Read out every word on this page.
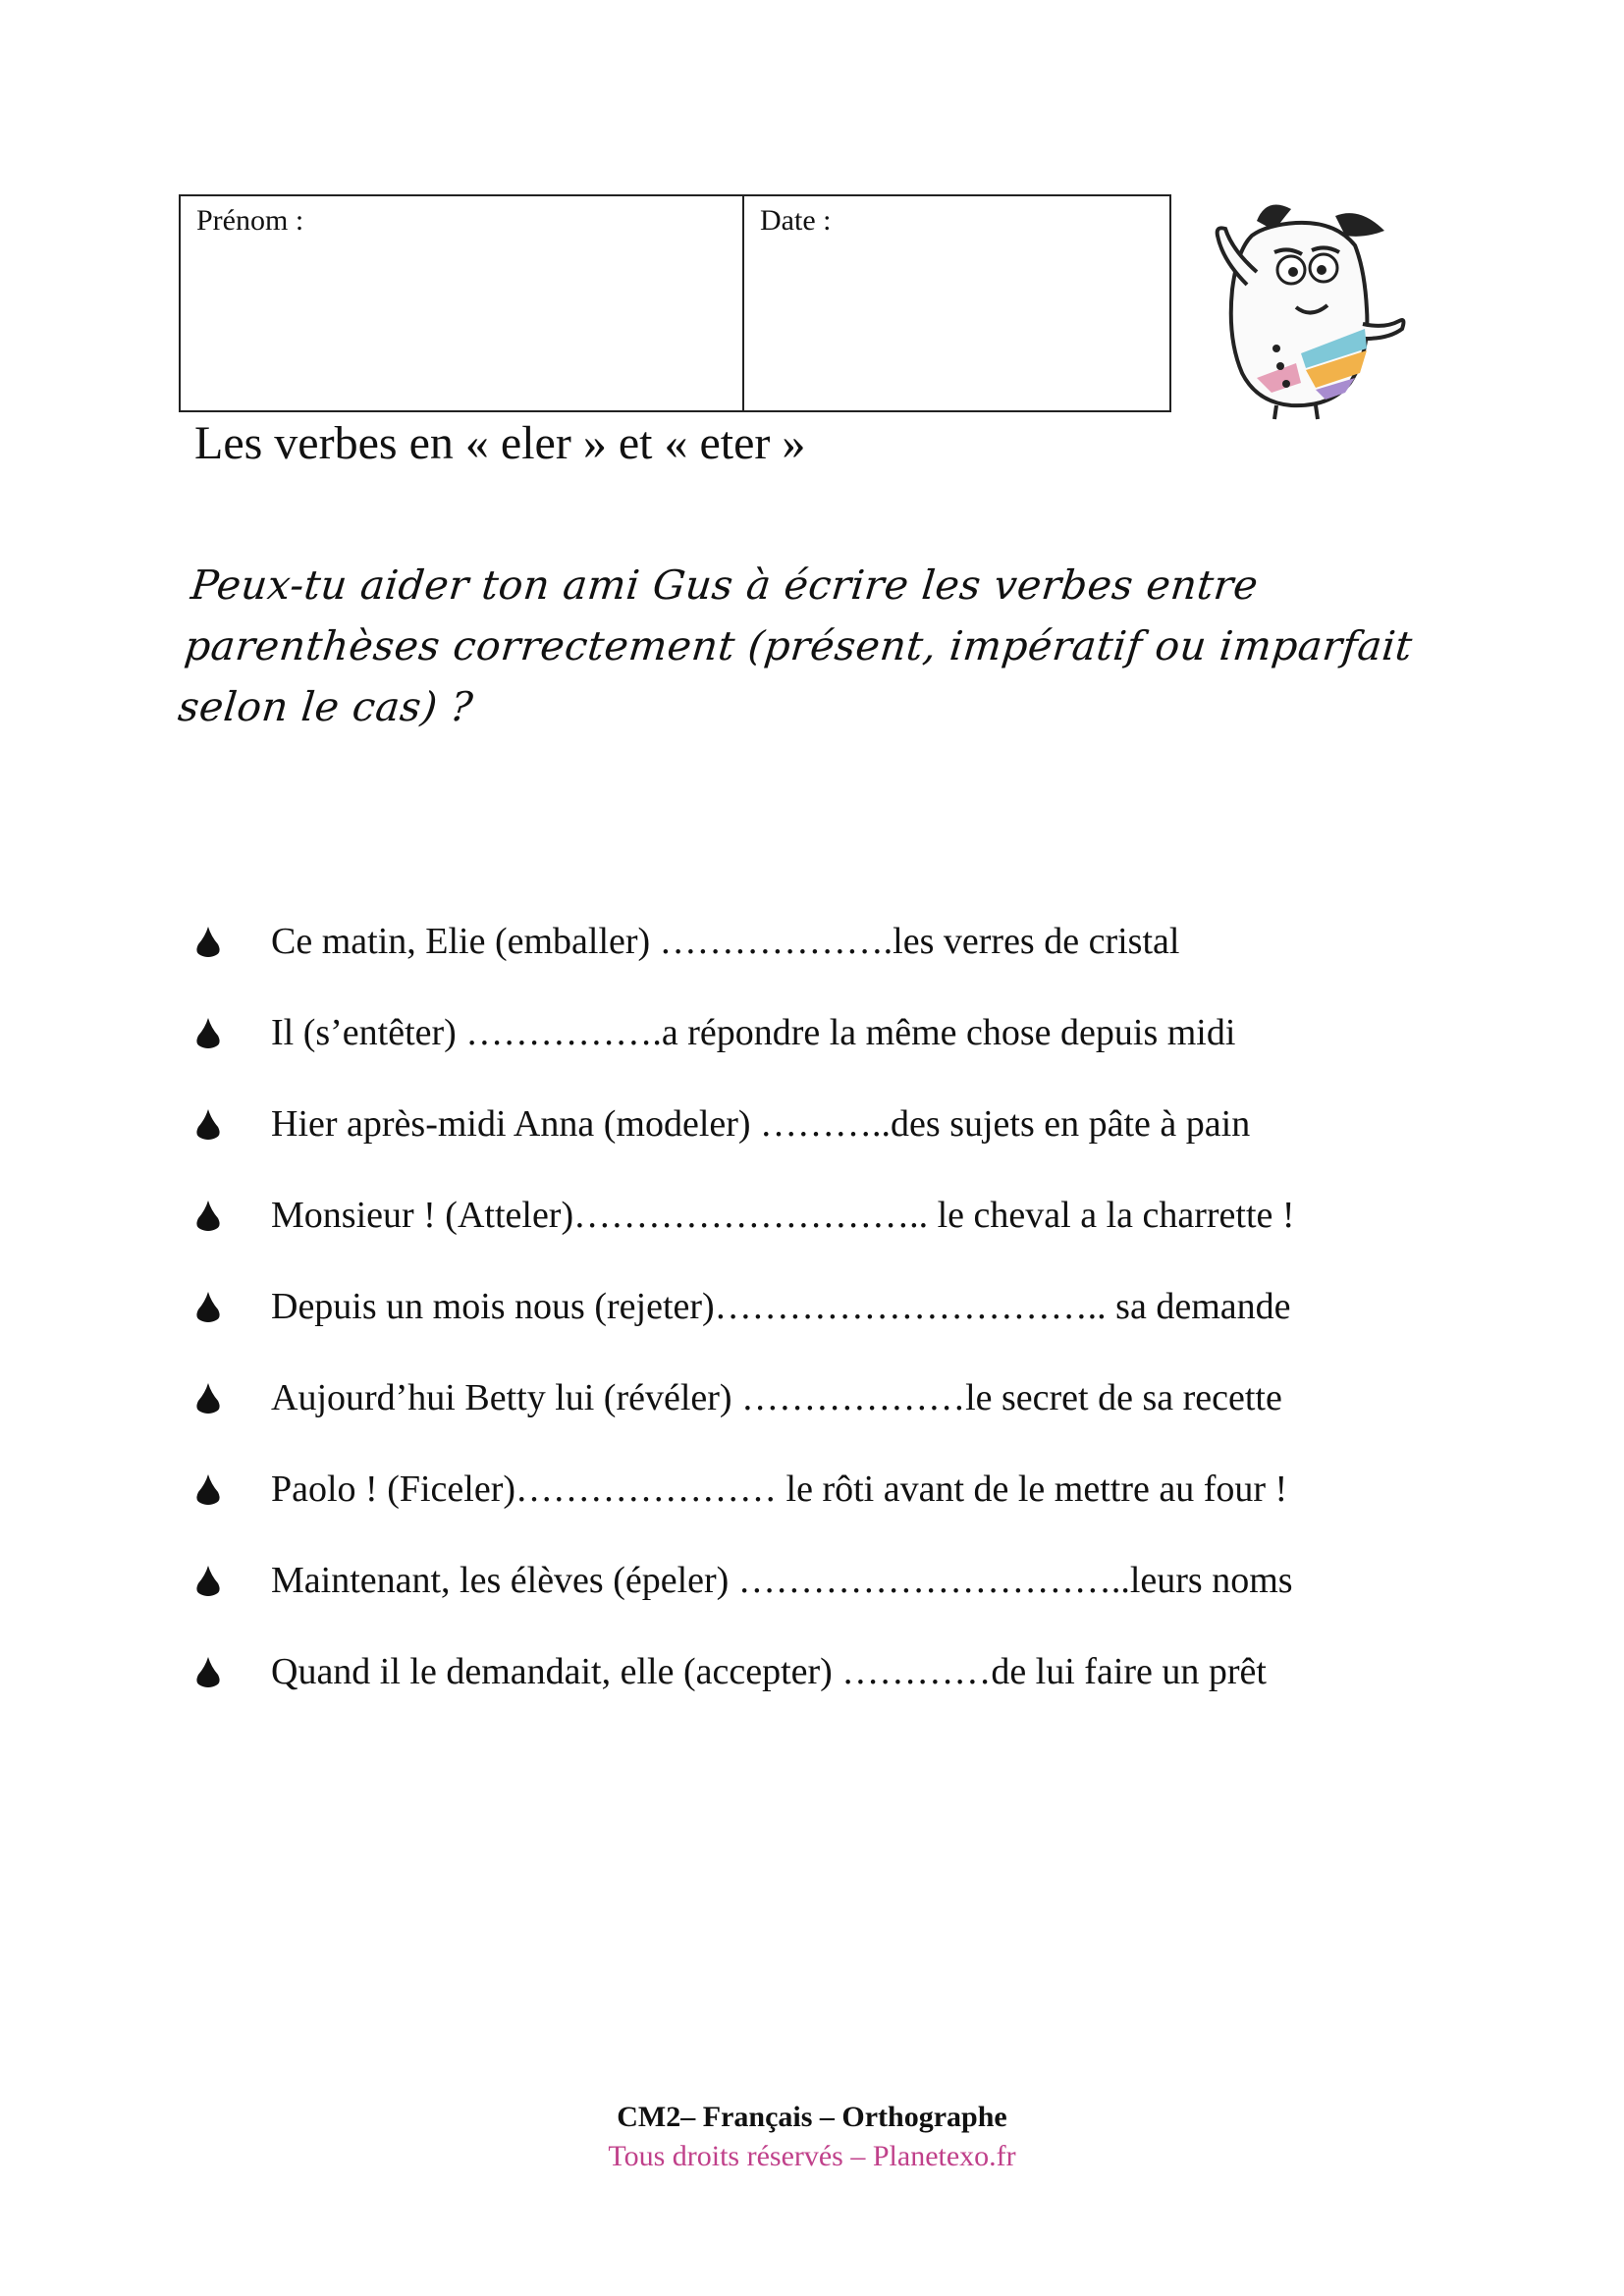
Prénom :	Date :
Les verbes en « eler » et « eter »

Peux-tu aider ton ami Gus à écrire les verbes entre parenthèses correctement (présent, impératif ou imparfait selon le cas) ?

Ce matin, Elie (emballer) ……………….les verres de cristal
Il (s’entêter) …………….a répondre la même chose depuis midi
Hier après-midi Anna (modeler) ………..des sujets en pâte à pain
Monsieur ! (Atteler)……………………….. le cheval a la charrette !
Depuis un mois nous (rejeter)………………………….. sa demande
Aujourd’hui Betty lui (révéler) ………………le secret de sa recette
Paolo ! (Ficeler)………………… le rôti avant de le mettre au four !
Maintenant, les élèves (épeler) …………………………..leurs noms
Quand il le demandait, elle (accepter) …………de lui faire un prêt
CM2– Français – Orthographe
Tous droits réservés – Planetexo.fr
